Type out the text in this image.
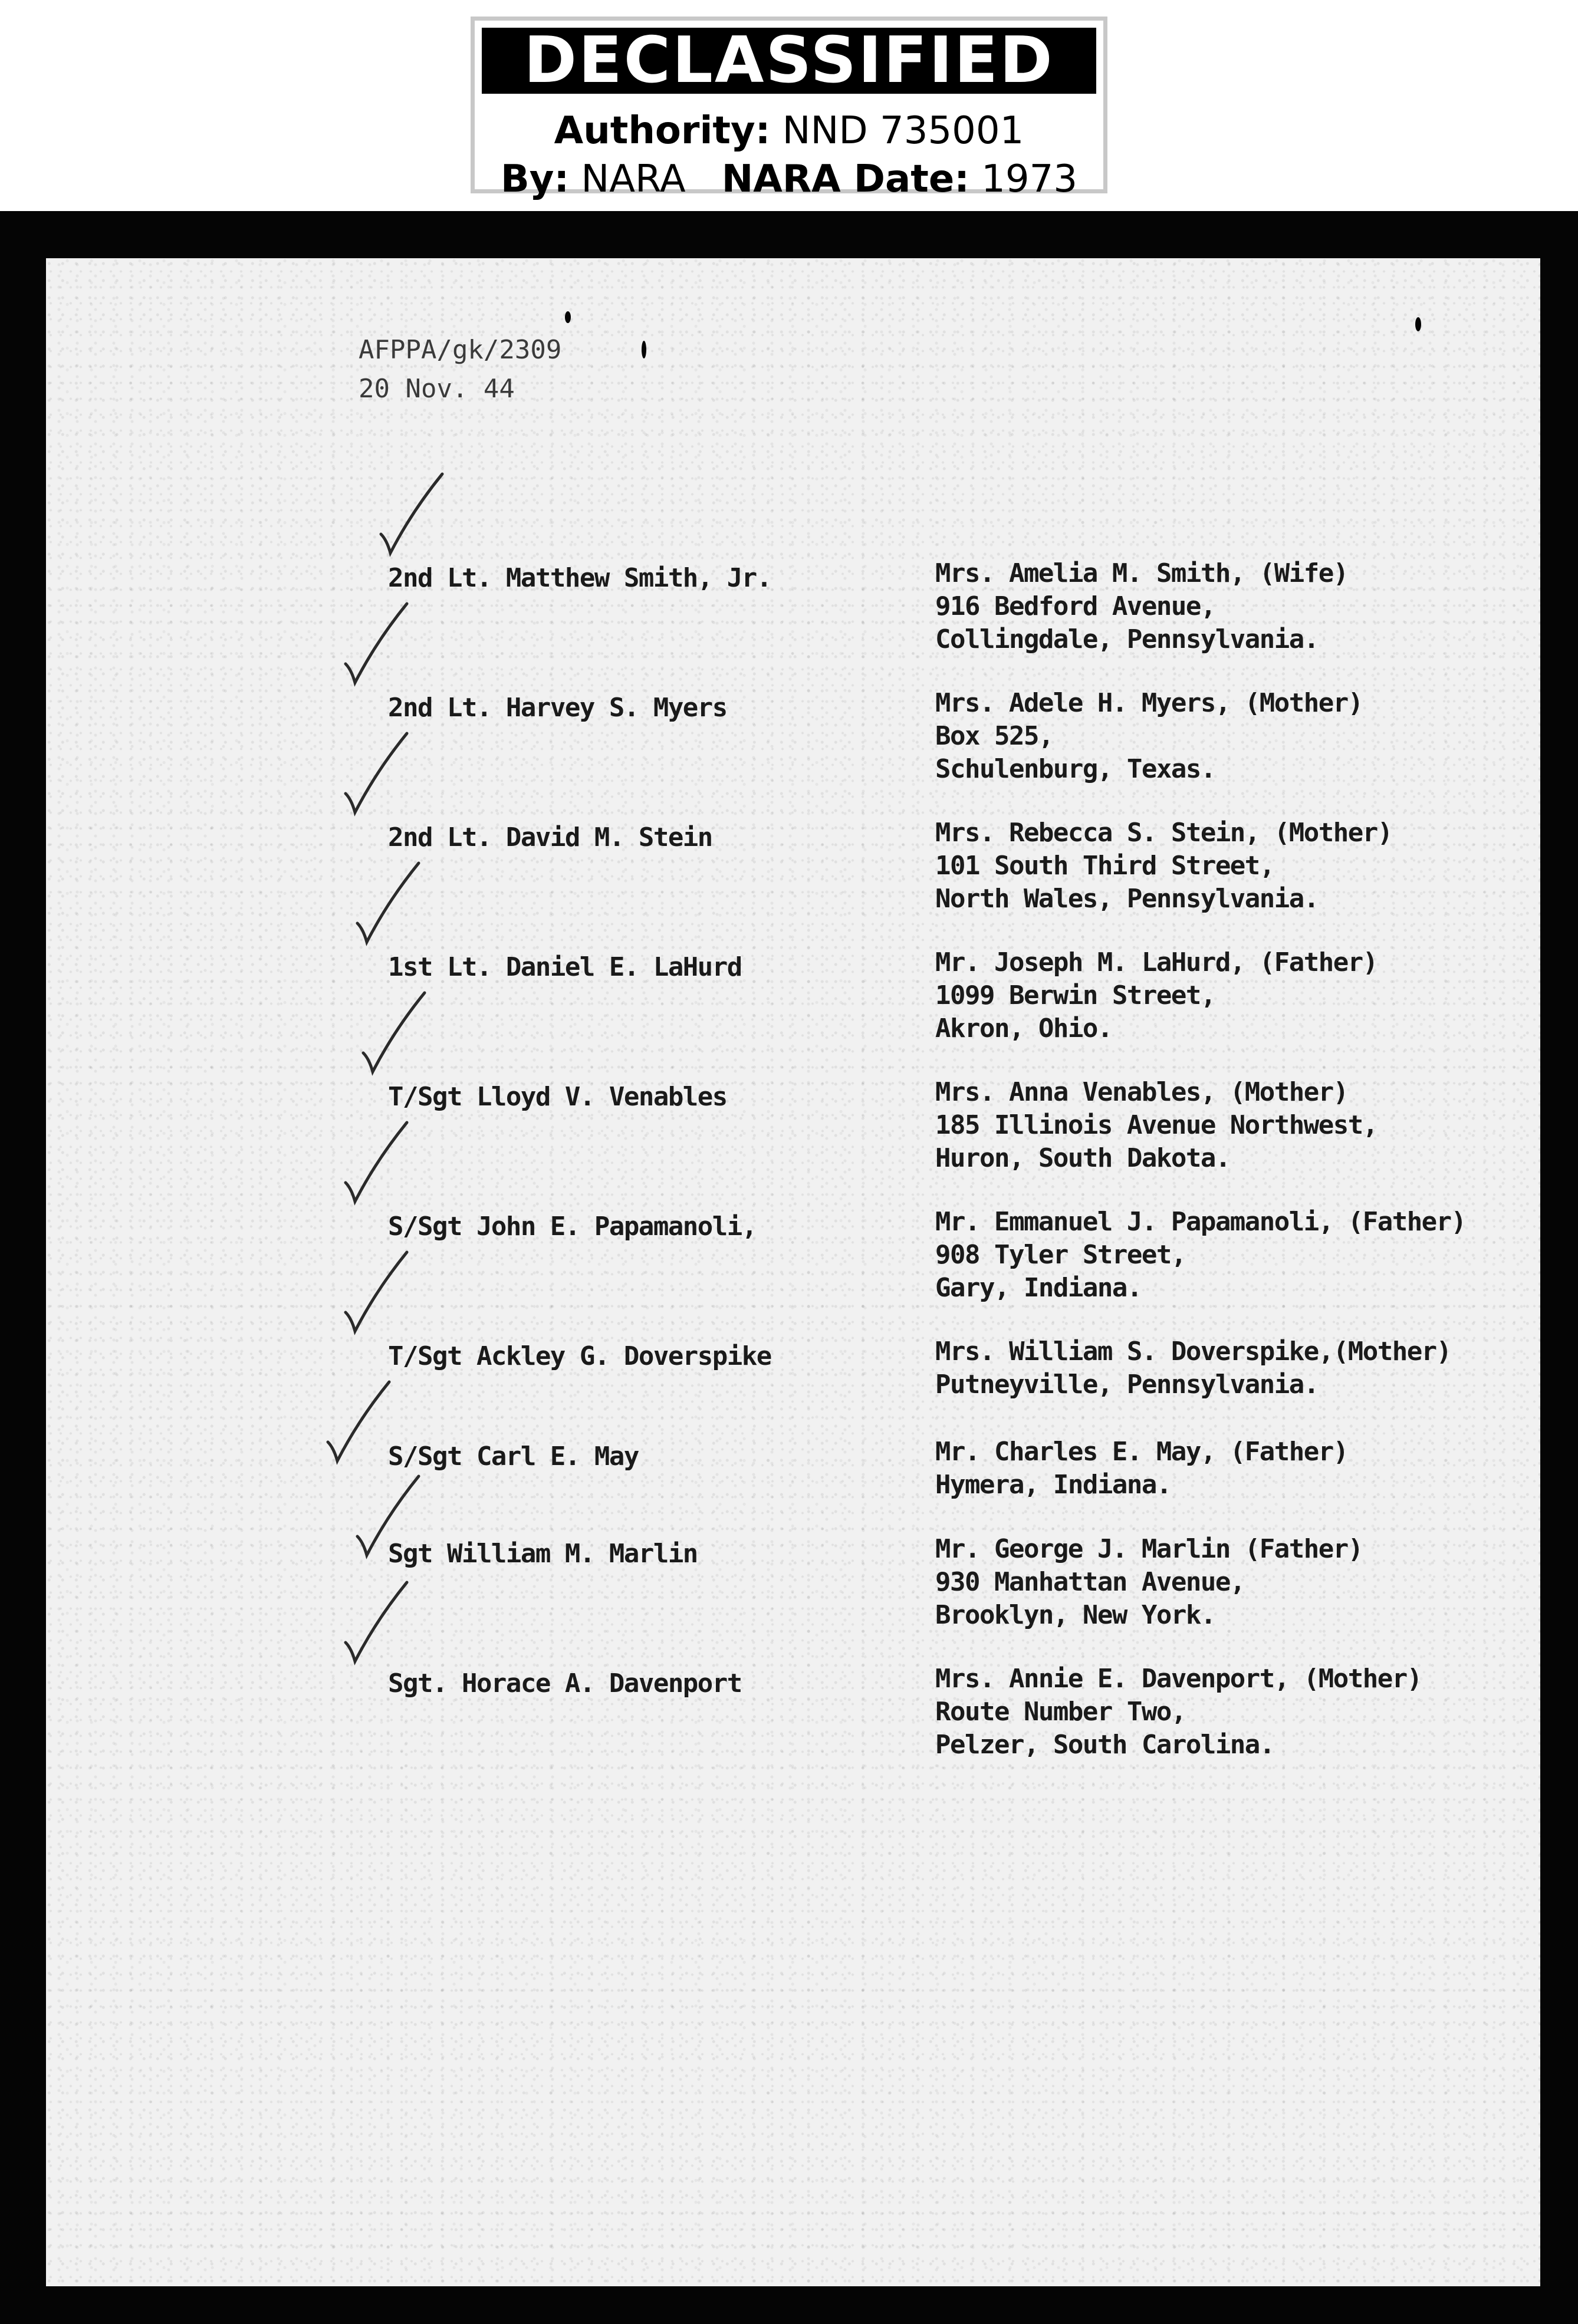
DECLASSIFIED
Authority: NND 735001
By: NARA NARA Date: 1973
AFPPA/gk/2309
20 Nov. 44
2nd Lt. Matthew Smith, Jr.	Mrs. Amelia M. Smith, (Wife)
916 Bedford Avenue,
Collingdale, Pennsylvania.
2nd Lt. Harvey S. Myers	Mrs. Adele H. Myers, (Mother)
Box 525,
Schulenburg, Texas.
2nd Lt. David M. Stein	Mrs. Rebecca S. Stein, (Mother)
101 South Third Street,
North Wales, Pennsylvania.
1st Lt. Daniel E. LaHurd	Mr. Joseph M. LaHurd, (Father)
1099 Berwin Street,
Akron, Ohio.
T/Sgt Lloyd V. Venables	Mrs. Anna Venables, (Mother)
185 Illinois Avenue Northwest,
Huron, South Dakota.
S/Sgt John E. Papamanoli,	Mr. Emmanuel J. Papamanoli, (Father)
908 Tyler Street,
Gary, Indiana.
T/Sgt Ackley G. Doverspike	Mrs. William S. Doverspike,(Mother)
Putneyville, Pennsylvania.
S/Sgt Carl E. May	Mr. Charles E. May, (Father)
Hymera, Indiana.
Sgt William M. Marlin	Mr. George J. Marlin (Father)
930 Manhattan Avenue,
Brooklyn, New York.
Sgt. Horace A. Davenport	Mrs. Annie E. Davenport, (Mother)
Route Number Two,
Pelzer, South Carolina.
